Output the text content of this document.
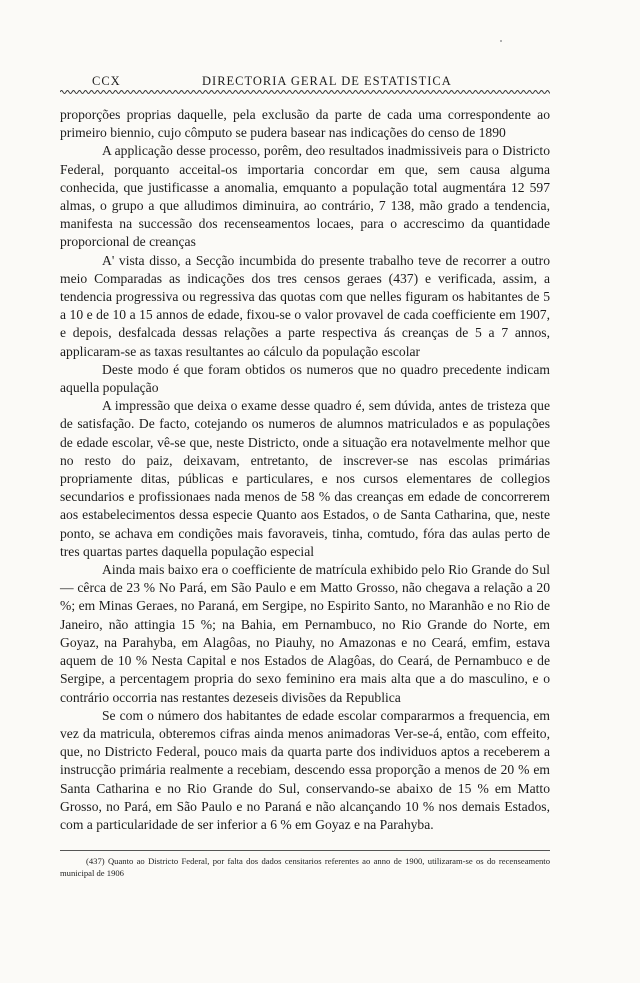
CCX	DIRECTORIA GERAL DE ESTATISTICA

proporções proprias daquelle, pela exclusão da parte de cada uma correspondente ao primeiro biennio, cujo cômputo se pudera basear nas indicações do censo de 1890

A applicação desse processo, porêm, deo resultados inadmissiveis para o Districto Federal, porquanto acceital-os importaria concordar em que, sem causa alguma conhecida, que justificasse a anomalia, emquanto a população total augmentára 12 597 almas, o grupo a que alludimos diminuira, ao contrário, 7 138, mão grado a tendencia, manifesta na successão dos recenseamentos locaes, para o accrescimo da quantidade proporcional de creanças

A' vista disso, a Secção incumbida do presente trabalho teve de recorrer a outro meio Comparadas as indicações dos tres censos geraes (437) e verificada, assim, a tendencia progressiva ou regressiva das quotas com que nelles figuram os habitantes de 5 a 10 e de 10 a 15 annos de edade, fixou-se o valor provavel de cada coefficiente em 1907, e depois, desfalcada dessas relações a parte respectiva ás creanças de 5 a 7 annos, applicaram-se as taxas resultantes ao cálculo da população escolar

Deste modo é que foram obtidos os numeros que no quadro precedente indicam aquella população

A impressão que deixa o exame desse quadro é, sem dúvida, antes de tristeza que de satisfação. De facto, cotejando os numeros de alumnos matriculados e as populações de edade escolar, vê-se que, neste Districto, onde a situação era notavelmente melhor que no resto do paiz, deixavam, entretanto, de inscrever-se nas escolas primárias propriamente ditas, públicas e particulares, e nos cursos elementares de collegios secundarios e profissionaes nada menos de 58 % das creanças em edade de concorrerem aos estabelecimentos dessa especie Quanto aos Estados, o de Santa Catharina, que, neste ponto, se achava em condições mais favoraveis, tinha, comtudo, fóra das aulas perto de tres quartas partes daquella população especial

Ainda mais baixo era o coefficiente de matrícula exhibido pelo Rio Grande do Sul — cêrca de 23 % No Pará, em São Paulo e em Matto Grosso, não chegava a relação a 20 %; em Minas Geraes, no Paraná, em Sergipe, no Espirito Santo, no Maranhão e no Rio de Janeiro, não attingia 15 %; na Bahia, em Pernambuco, no Rio Grande do Norte, em Goyaz, na Parahyba, em Alagôas, no Piauhy, no Amazonas e no Ceará, emfim, estava aquem de 10 % Nesta Capital e nos Estados de Alagôas, do Ceará, de Pernambuco e de Sergipe, a percentagem propria do sexo feminino era mais alta que a do masculino, e o contrário occorria nas restantes dezeseis divisões da Republica

Se com o número dos habitantes de edade escolar compararmos a frequencia, em vez da matricula, obteremos cifras ainda menos animadoras Ver-se-á, então, com effeito, que, no Districto Federal, pouco mais da quarta parte dos individuos aptos a receberem a instrucção primária realmente a recebiam, descendo essa proporção a menos de 20 % em Santa Catharina e no Rio Grande do Sul, conservando-se abaixo de 15 % em Matto Grosso, no Pará, em São Paulo e no Paraná e não alcançando 10 % nos demais Estados, com a particularidade de ser inferior a 6 % em Goyaz e na Parahyba.

(437) Quanto ao Districto Federal, por falta dos dados censitarios referentes ao anno de 1900, utilizaram-se os do recenseamento municipal de 1906
